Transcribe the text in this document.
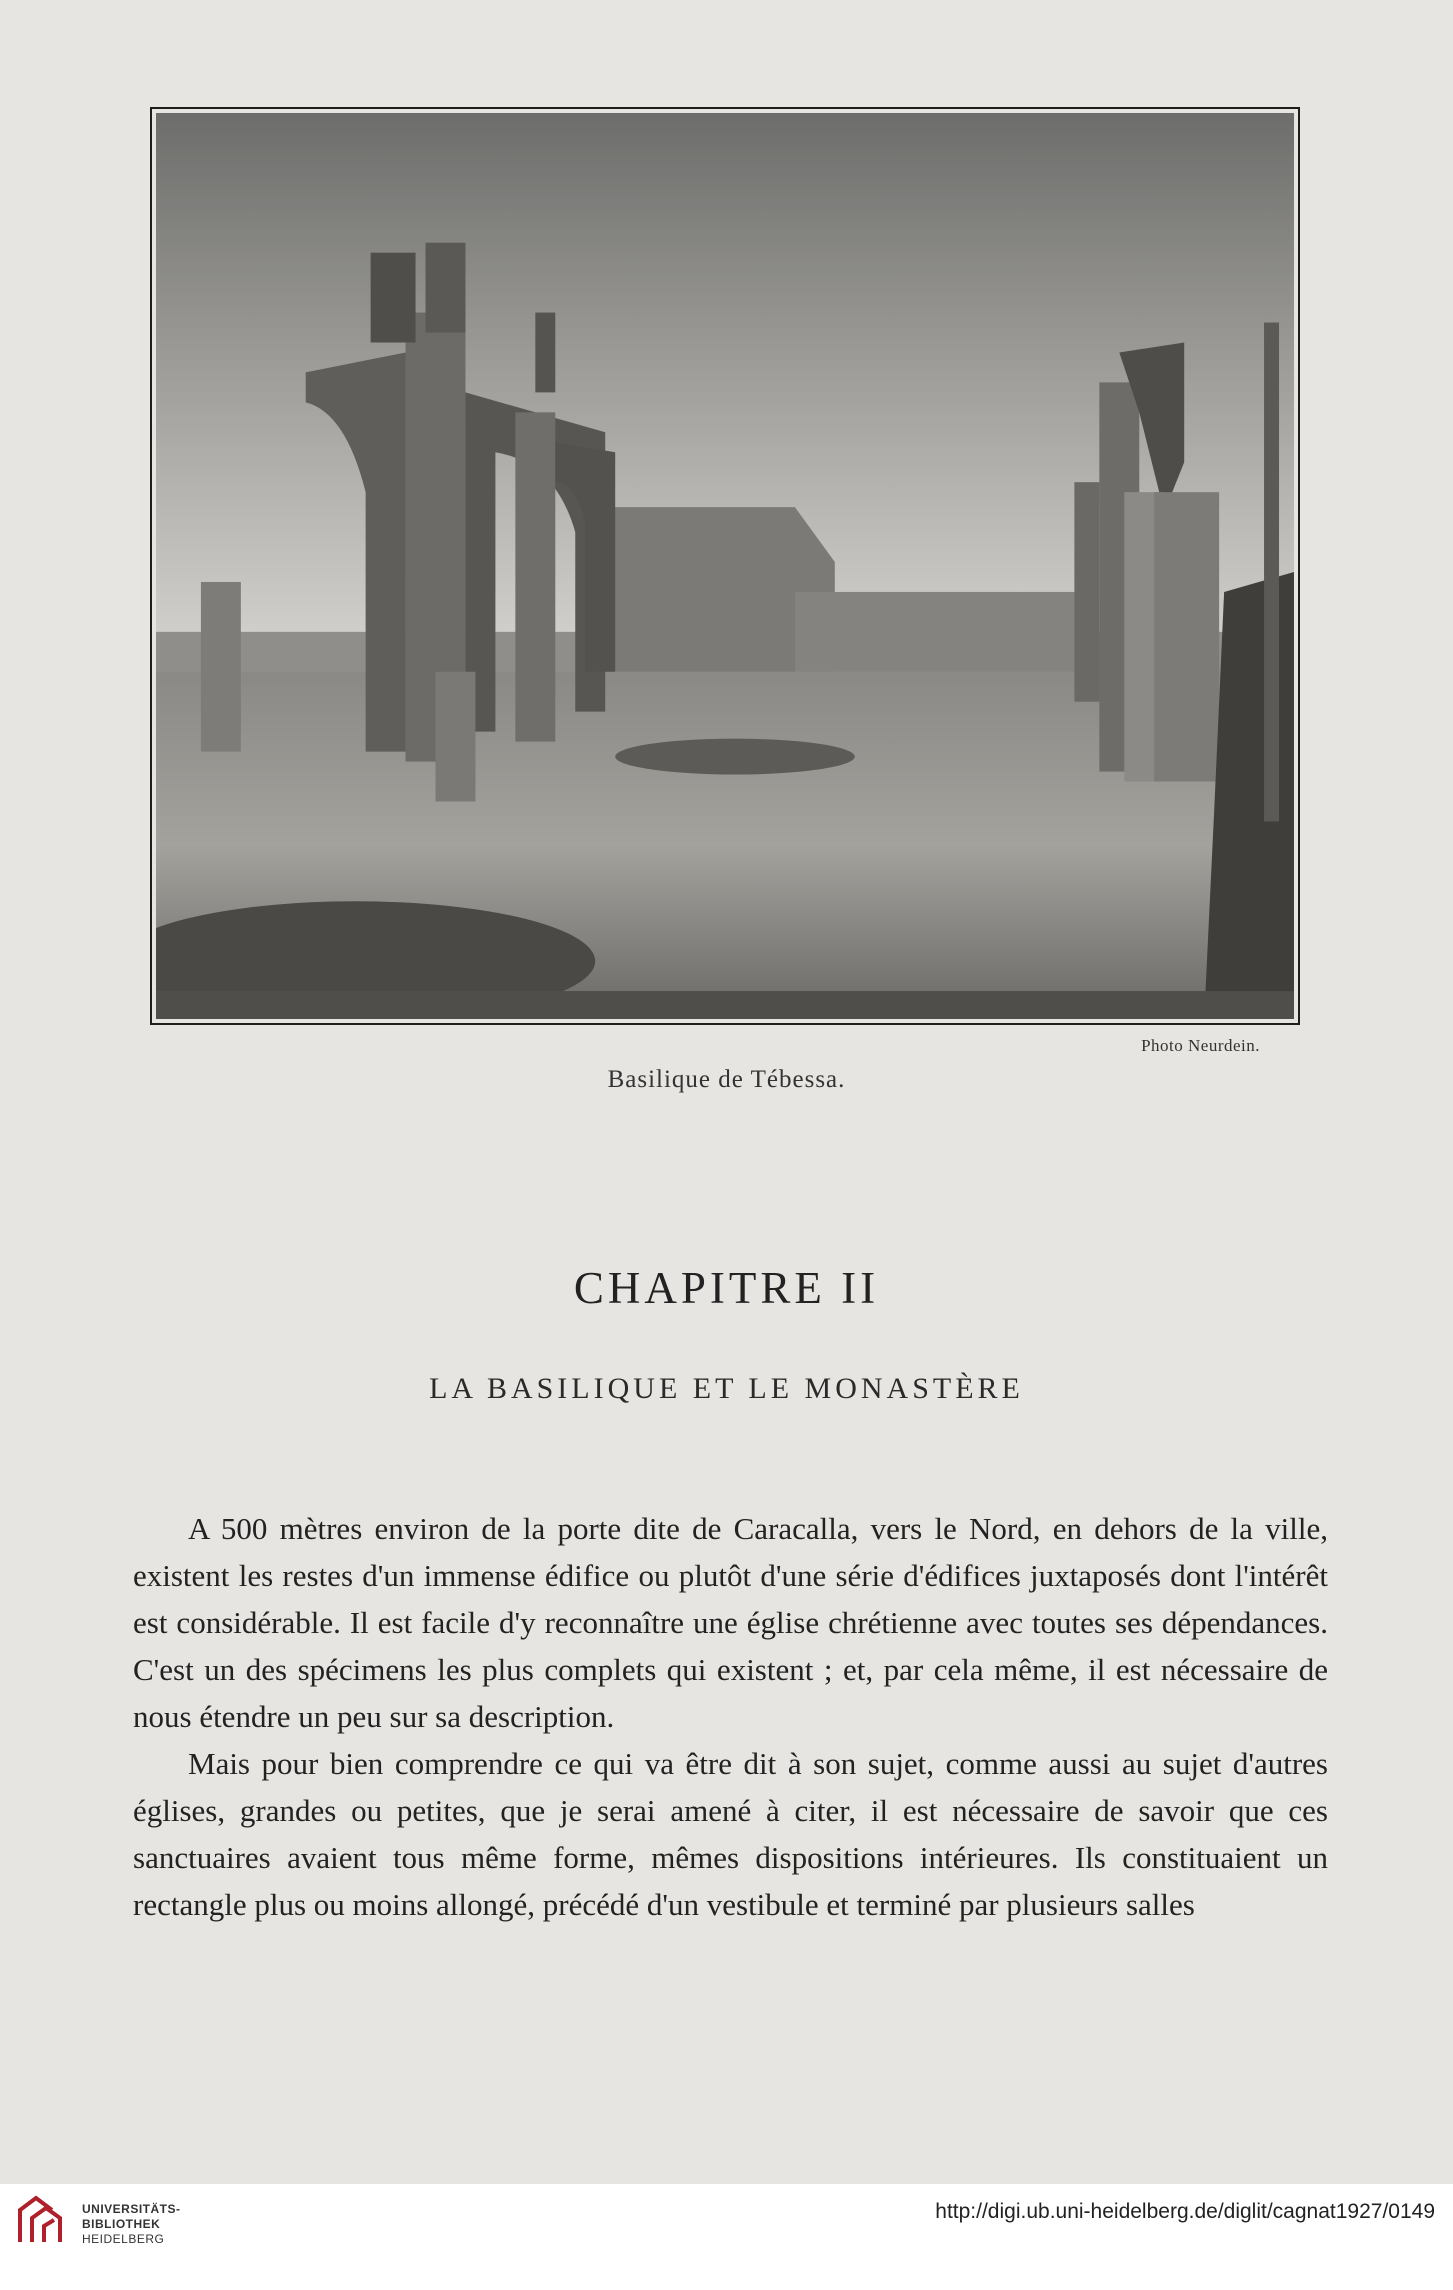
Photo Neurdein.
Basilique de Tébessa.
CHAPITRE II
LA BASILIQUE ET LE MONASTÈRE

A 500 mètres environ de la porte dite de Caracalla, vers le Nord, en dehors de la ville, existent les restes d'un immense édifice ou plutôt d'une série d'édifices juxtaposés dont l'intérêt est considérable. Il est facile d'y reconnaître une église chrétienne avec toutes ses dépendances. C'est un des spécimens les plus complets qui existent ; et, par cela même, il est nécessaire de nous étendre un peu sur sa description.

Mais pour bien comprendre ce qui va être dit à son sujet, comme aussi au sujet d'autres églises, grandes ou petites, que je serai amené à citer, il est nécessaire de savoir que ces sanctuaires avaient tous même forme, mêmes dispositions intérieures. Ils constituaient un rectangle plus ou moins allongé, précédé d'un vestibule et terminé par plusieurs salles

UNIVERSITÄTS-
BIBLIOTHEK
HEIDELBERG
http://digi.ub.uni-heidelberg.de/diglit/cagnat1927/0149
